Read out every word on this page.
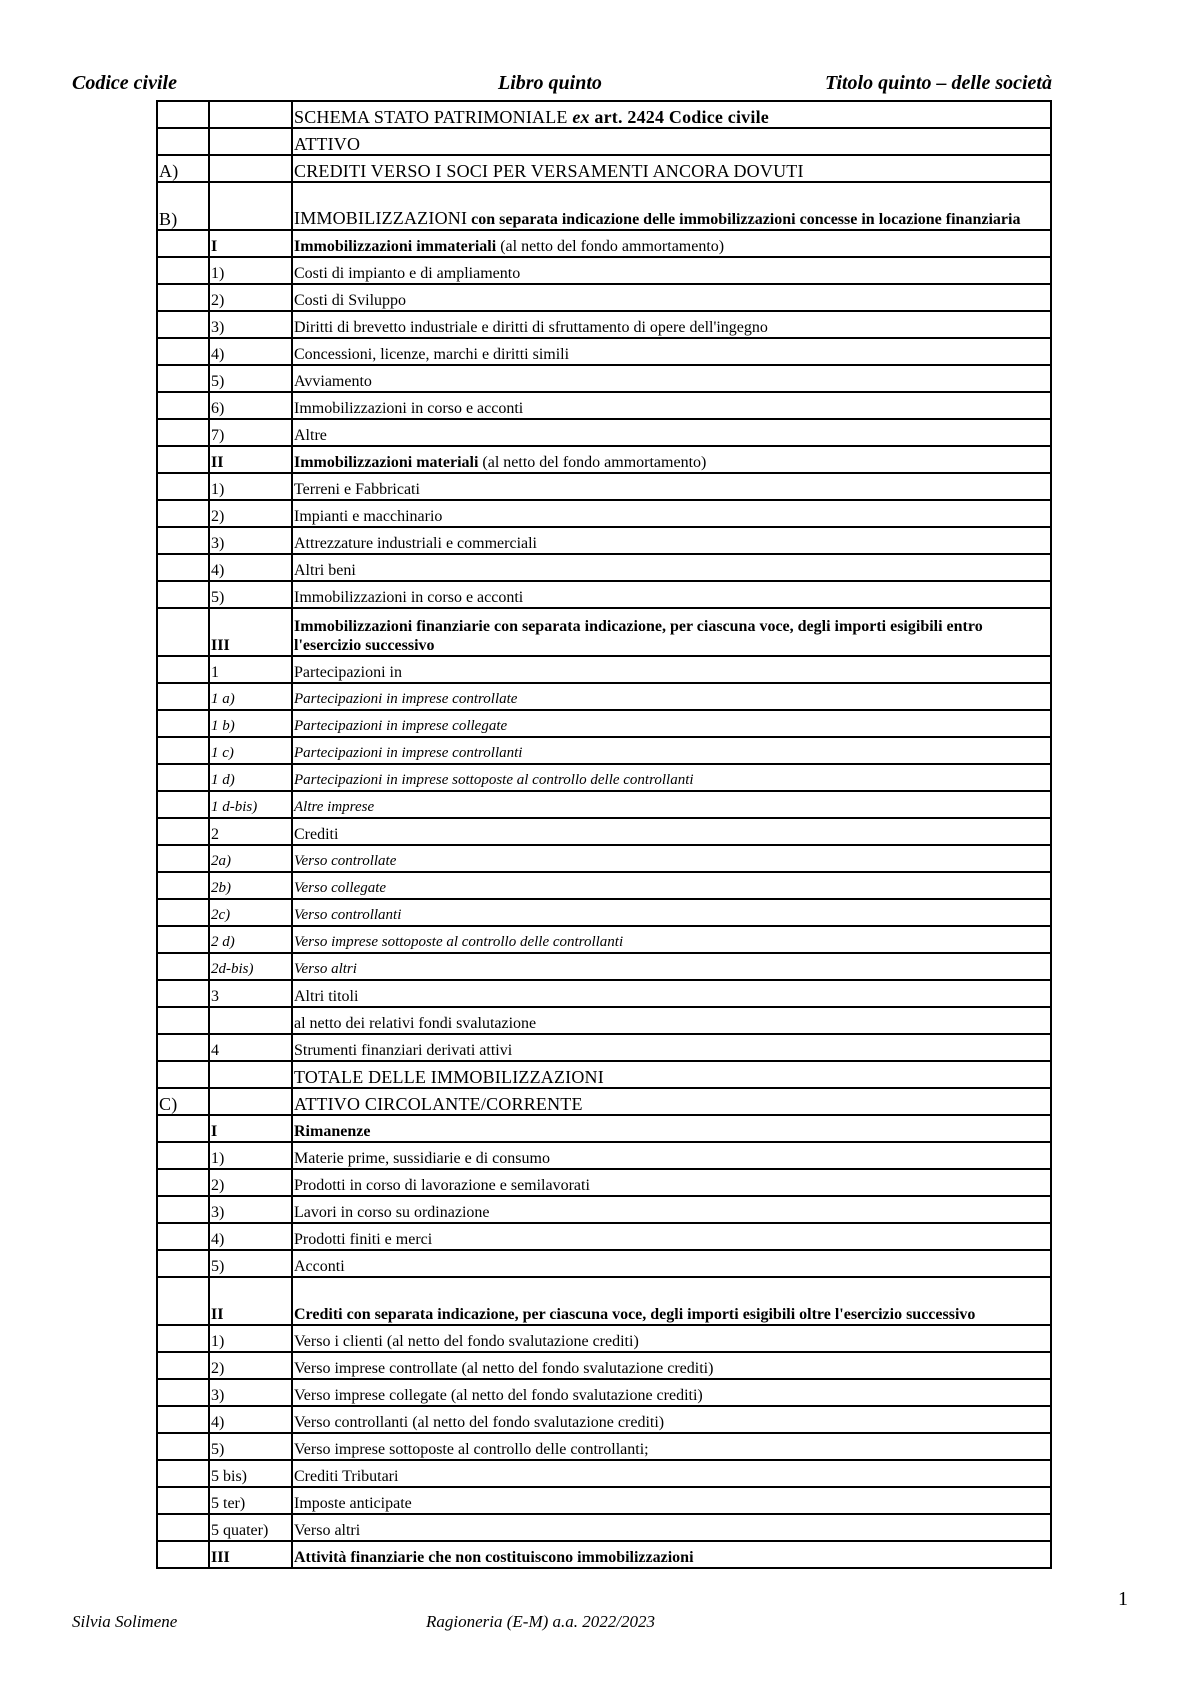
Codice civile	Libro quinto	Titolo quinto – delle società
		SCHEMA STATO PATRIMONIALE ex art. 2424 Codice civile
		ATTIVO
A)		CREDITI VERSO I SOCI PER VERSAMENTI ANCORA DOVUTI
B)		IMMOBILIZZAZIONI con separata indicazione delle immobilizzazioni concesse in locazione finanziaria
	I	Immobilizzazioni immateriali (al netto del fondo ammortamento)
	1)	Costi di impianto e di ampliamento
	2)	Costi di Sviluppo
	3)	Diritti di brevetto industriale e diritti di sfruttamento di opere dell'ingegno
	4)	Concessioni, licenze, marchi e diritti simili
	5)	Avviamento
	6)	Immobilizzazioni in corso e acconti
	7)	Altre
	II	Immobilizzazioni materiali (al netto del fondo ammortamento)
	1)	Terreni e Fabbricati
	2)	Impianti e macchinario
	3)	Attrezzature industriali e commerciali
	4)	Altri beni
	5)	Immobilizzazioni in corso e acconti
	III	Immobilizzazioni finanziarie con separata indicazione, per ciascuna voce, degli importi esigibili entro l'esercizio successivo
	1	Partecipazioni in
	1 a)	Partecipazioni in imprese controllate
	1 b)	Partecipazioni in imprese collegate
	1 c)	Partecipazioni in imprese controllanti
	1 d)	Partecipazioni in imprese sottoposte al controllo delle controllanti
	1 d-bis)	Altre imprese
	2	Crediti
	2a)	Verso controllate
	2b)	Verso collegate
	2c)	Verso controllanti
	2 d)	Verso imprese sottoposte al controllo delle controllanti
	2d-bis)	Verso altri
	3	Altri titoli
		al netto dei relativi fondi svalutazione
	4	Strumenti finanziari derivati attivi
		TOTALE DELLE IMMOBILIZZAZIONI
C)		ATTIVO CIRCOLANTE/CORRENTE
	I	Rimanenze
	1)	Materie prime, sussidiarie e di consumo
	2)	Prodotti in corso di lavorazione e semilavorati
	3)	Lavori in corso su ordinazione
	4)	Prodotti finiti e merci
	5)	Acconti
	II	Crediti con separata indicazione, per ciascuna voce, degli importi esigibili oltre l'esercizio successivo
	1)	Verso i clienti (al netto del fondo svalutazione crediti)
	2)	Verso imprese controllate (al netto del fondo svalutazione crediti)
	3)	Verso imprese collegate (al netto del fondo svalutazione crediti)
	4)	Verso controllanti (al netto del fondo svalutazione crediti)
	5)	Verso imprese sottoposte al controllo delle controllanti;
	5 bis)	Crediti Tributari
	5 ter)	Imposte anticipate
	5 quater)	Verso altri
	III	Attività finanziarie che non costituiscono immobilizzazioni
1
Silvia Solimene	Ragioneria (E-M) a.a. 2022/2023
